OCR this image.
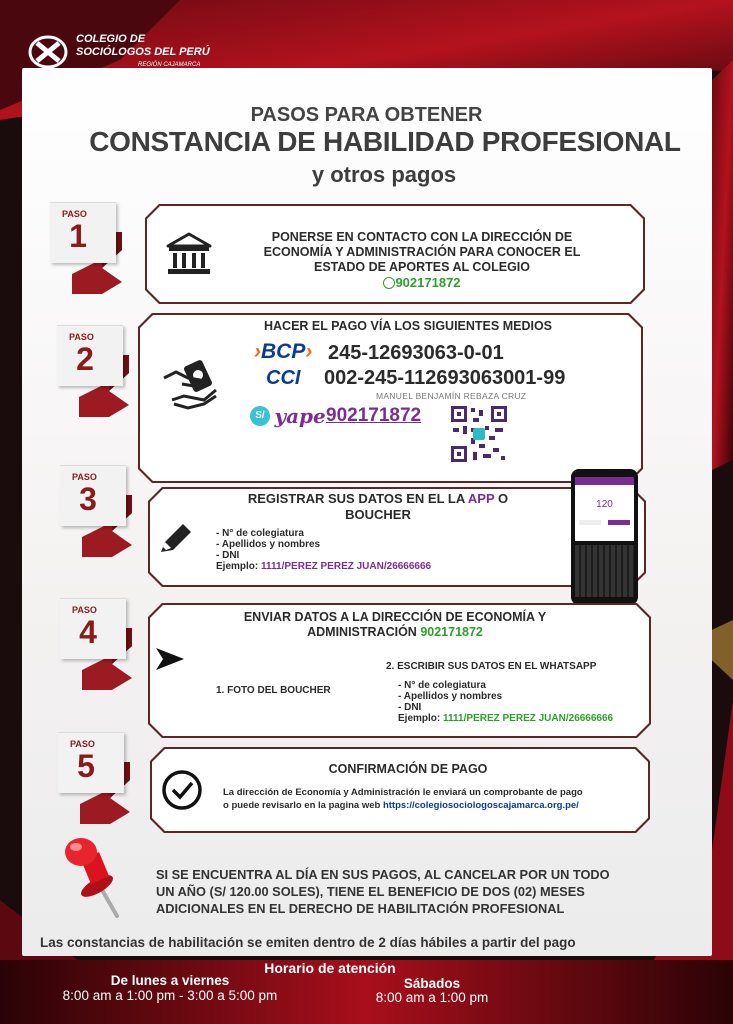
COLEGIO DE
SOCIÓLOGOS DEL PERÚ
REGIÓN CAJAMARCA
PASOS PARA OBTENER
CONSTANCIA DE HABILIDAD PROFESIONAL
y otros pagos
PASO
1
PASO
2
PASO
3
PASO
4
PASO
5
PONERSE EN CONTACTO CON LA DIRECCIÓN DE
ECONOMÍA Y ADMINISTRACIÓN PARA CONOCER EL
ESTADO DE APORTES AL COLEGIO
902171872
HACER EL PAGO VÍA LOS SIGUIENTES MEDIOS
›BCP› 245-12693063-0-01
CCI 002-245-112693063001-99
MANUEL BENJAMÍN REBAZA CRUZ
S/ yape 902171872
REGISTRAR SUS DATOS EN EL LA APP O
BOUCHER
- N° de colegiatura
- Apellidos y nombres
- DNI
Ejemplo: 1111/PEREZ PEREZ JUAN/26666666
120
ENVIAR DATOS A LA DIRECCIÓN DE ECONOMÍA Y
ADMINISTRACIÓN 902171872
1. FOTO DEL BOUCHER
2. ESCRIBIR SUS DATOS EN EL WHATSAPP
- N° de colegiatura
- Apellidos y nombres
- DNI
Ejemplo: 1111/PEREZ PEREZ JUAN/26666666
CONFIRMACIÓN DE PAGO
La dirección de Economía y Administración le enviará un comprobante de pago
o puede revisarlo en la pagina web https://colegiosociologoscajamarca.org.pe/
SI SE ENCUENTRA AL DÍA EN SUS PAGOS, AL CANCELAR POR UN TODO
UN AÑO (S/ 120.00 SOLES), TIENE EL BENEFICIO DE DOS (02) MESES
ADICIONALES EN EL DERECHO DE HABILITACIÓN PROFESIONAL
Las constancias de habilitación se emiten dentro de 2 días hábiles a partir del pago
Horario de atención
De lunes a viernes
8:00 am a 1:00 pm - 3:00 a 5:00 pm
Sábados
8:00 am a 1:00 pm
